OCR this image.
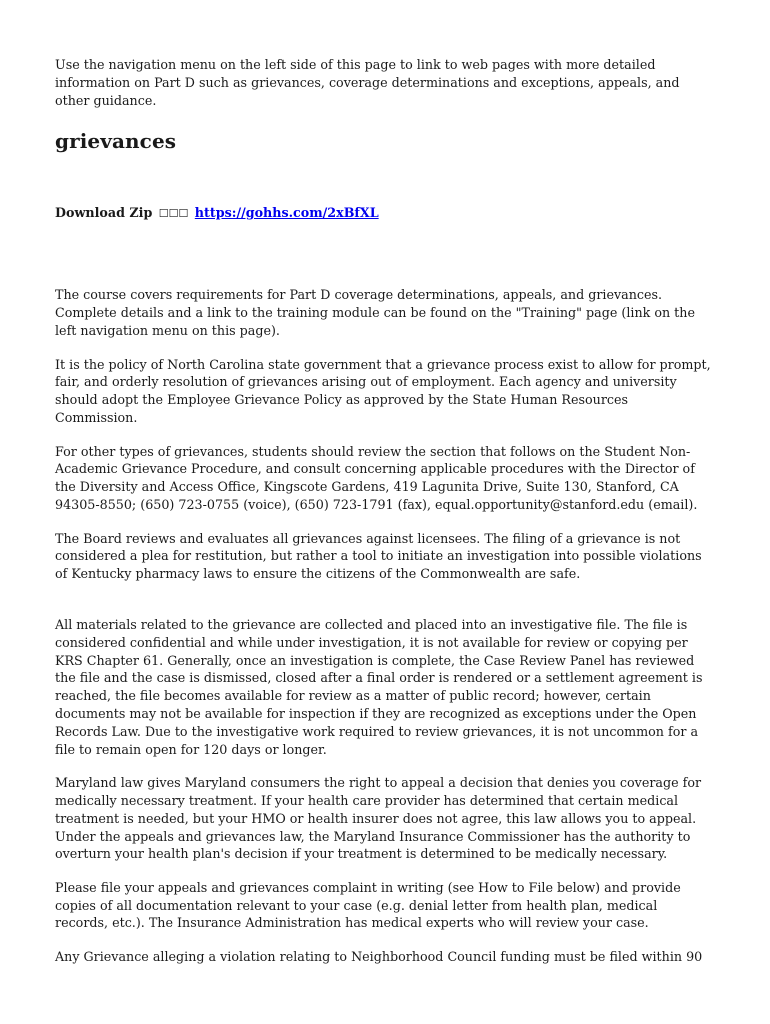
Use the navigation menu on the left side of this page to link to web pages with more detailed information on Part D such as grievances, coverage determinations and exceptions, appeals, and other guidance.

grievances
Download Zip ☐☐☐ https://gohhs.com/2xBfXL

The course covers requirements for Part D coverage determinations, appeals, and grievances. Complete details and a link to the training module can be found on the "Training" page (link on the left navigation menu on this page).

It is the policy of North Carolina state government that a grievance process exist to allow for prompt, fair, and orderly resolution of grievances arising out of employment. Each agency and university should adopt the Employee Grievance Policy as approved by the State Human Resources Commission.

For other types of grievances, students should review the section that follows on the Student Non-Academic Grievance Procedure, and consult concerning applicable procedures with the Director of the Diversity and Access Office, Kingscote Gardens, 419 Lagunita Drive, Suite 130, Stanford, CA 94305-8550; (650) 723-0755 (voice), (650) 723-1791 (fax), equal.opportunity@stanford.edu (email).

The Board reviews and evaluates all grievances against licensees. The filing of a grievance is not considered a plea for restitution, but rather a tool to initiate an investigation into possible violations of Kentucky pharmacy laws to ensure the citizens of the Commonwealth are safe.

All materials related to the grievance are collected and placed into an investigative file. The file is considered confidential and while under investigation, it is not available for review or copying per KRS Chapter 61. Generally, once an investigation is complete, the Case Review Panel has reviewed the file and the case is dismissed, closed after a final order is rendered or a settlement agreement is reached, the file becomes available for review as a matter of public record; however, certain documents may not be available for inspection if they are recognized as exceptions under the Open Records Law. Due to the investigative work required to review grievances, it is not uncommon for a file to remain open for 120 days or longer.

Maryland law gives Maryland consumers the right to appeal a decision that denies you coverage for medically necessary treatment. If your health care provider has determined that certain medical treatment is needed, but your HMO or health insurer does not agree, this law allows you to appeal. Under the appeals and grievances law, the Maryland Insurance Commissioner has the authority to overturn your health plan's decision if your treatment is determined to be medically necessary.

Please file your appeals and grievances complaint in writing (see How to File below) and provide copies of all documentation relevant to your case (e.g. denial letter from health plan, medical records, etc.). The Insurance Administration has medical experts who will review your case.

Any Grievance alleging a violation relating to Neighborhood Council funding must be filed within 90
